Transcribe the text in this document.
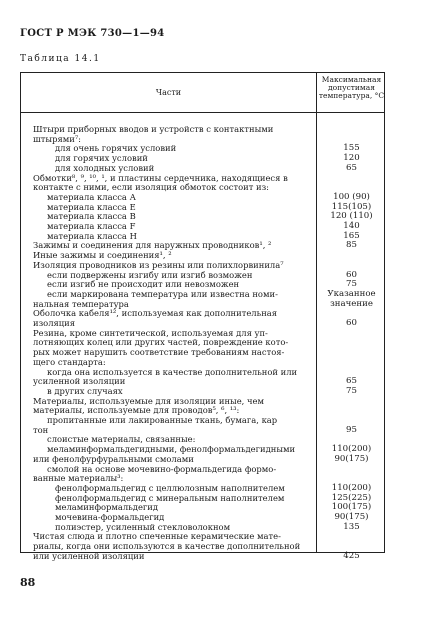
ГОСТ Р МЭК 730—1—94
Таблица 14.1
Части
Максимальная допустимая температура, °С
Штыри приборных вводов и устройств с контактными
штырями⁷:
для очень горячих условий	155
для горячих условий	120
для холодных условий	65
Обмотки⁸, ⁹, ¹⁰, ¹, и пластины сердечника, находящиеся в
контакте с ними, если изоляция обмоток состоит из:
материала класса А	100 (90)
материала класса Е	115(105)
материала класса В	120 (110)
материала класса F	140
материала класса Н	165
Зажимы и соединения для наружных проводников¹, ²	85
Иные зажимы и соединения¹, ²
Изоляция проводников из резины или полихлорвинила⁷
если подвержены изгибу или изгиб возможен	60
если изгиб не происходит или невозможен	75
если маркирована температура или известна номи-	Указанное
нальная температура	значение
Оболочка кабеля¹², используемая как дополнительная
изоляция	60
Резина, кроме синтетической, используемая для уп-
лотняющих колец или других частей, повреждение кото-
рых может нарушить соответствие требованиям настоя-
щего стандарта:
когда она используется в качестве дополнительной или
усиленной изоляции	65
в других случаях	75
Материалы, используемые для изоляции иные, чем
материалы, используемые для проводов⁵, ⁶, ¹³:
пропитанные или лакированные ткань, бумага, кар
тон	95
слоистые материалы, связанные:
меламинформальдегидными, фенолформальдегидными	110(200)
или фенолфурфуральными смолами	90(175)
смолой на основе мочевино-формальдегида формо-
ванные материалы³:
фенолформальдегид с целлюлозным наполнителем	110(200)
фенолформальдегид с минеральным наполнителем	125(225)
меламинформальдегид	100(175)
мочевина-формальдегид	90(175)
полиэстер, усиленный стекловолокном	135
Чистая слюда и плотно спеченные керамические мате-
риалы, когда они используются в качестве дополнительной
или усиленной изоляции	425
88
